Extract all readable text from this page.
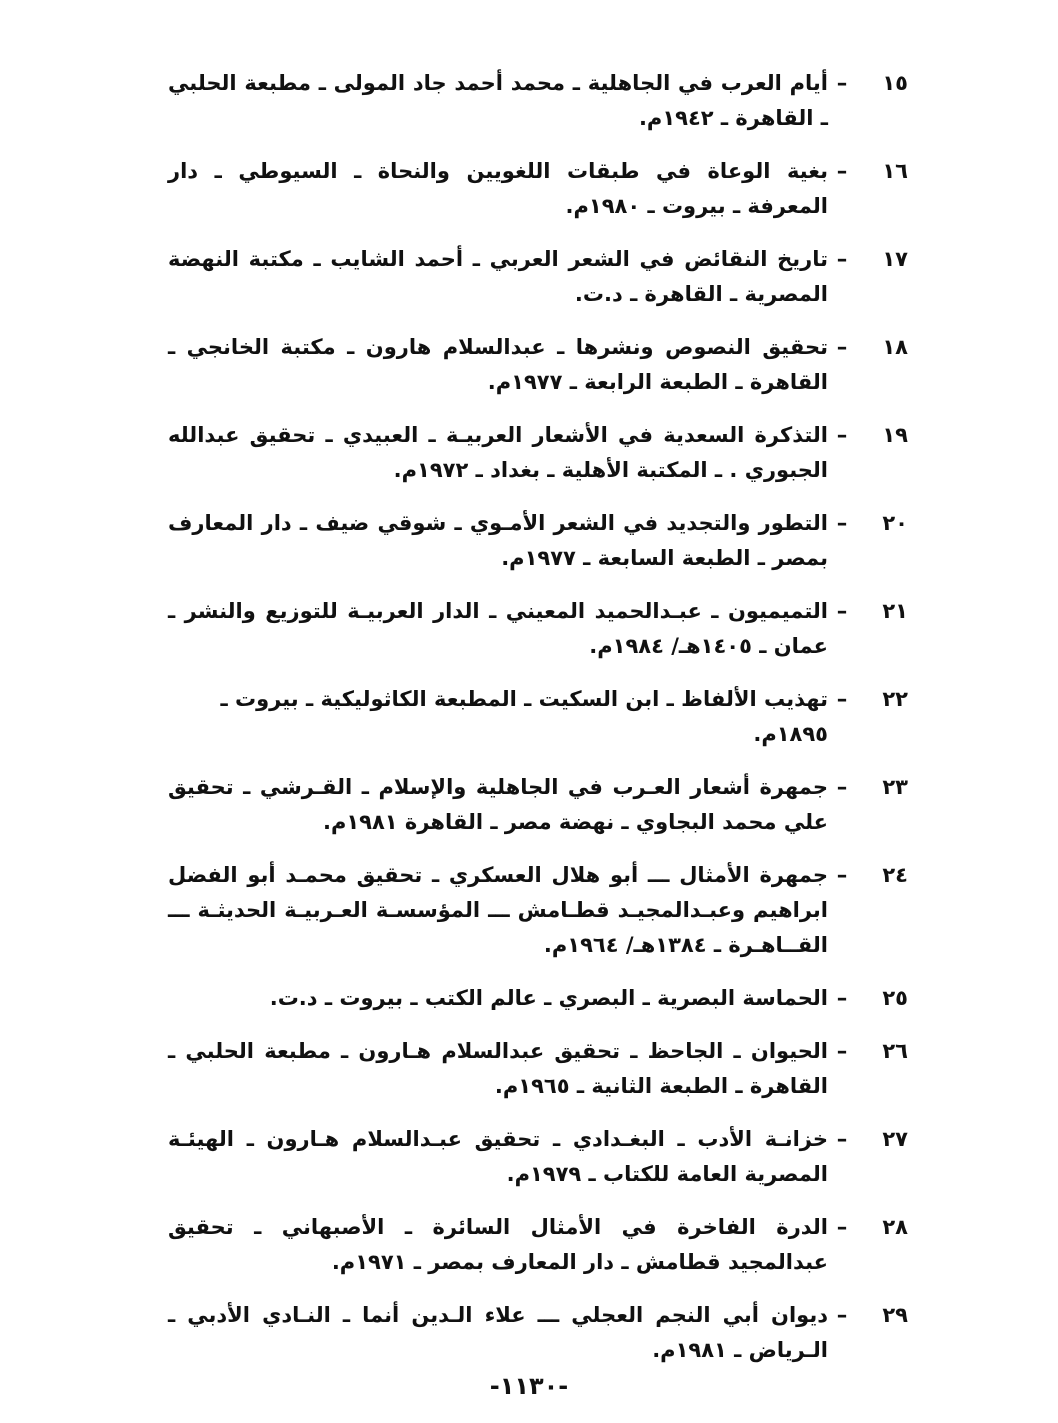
١٥
–
أيام العرب في الجاهلية ـ محمد أحمد جاد المولى ـ مطبعة الحلبي ـ القاهرة ـ ١٩٤٢م.
١٦
–
بغية الوعاة في طبقات اللغويين والنحاة ـ السيوطي ـ دار المعرفة ـ بيروت ـ ١٩٨٠م.
١٧
–
تاريخ النقائض في الشعر العربي ـ أحمد الشايب ـ مكتبة النهضة المصرية ـ القاهرة ـ د.ت.
١٨
–
تحقيق النصوص ونشرها ـ عبدالسلام هارون ـ مكتبة الخانجي ـ القاهرة ـ الطبعة الرابعة ـ ١٩٧٧م.
١٩
–
التذكرة السعدية في الأشعار العربيـة ـ العبيدي ـ تحقيق عبدالله الجبوري . ـ المكتبة الأهلية ـ بغداد ـ ١٩٧٢م.
٢٠
–
التطور والتجديد في الشعر الأمـوي ـ شوقي ضيف ـ دار المعارف بمصر ـ الطبعة السابعة ـ ١٩٧٧م.
٢١
–
التميميون ـ عبـدالحميد المعيني ـ الدار العربيـة للتوزيع والنشر ـ عمان ـ ١٤٠٥هـ/ ١٩٨٤م.
٢٢
–
تهذيب الألفاظ ـ ابن السكيت ـ المطبعة الكاثوليكية ـ بيروت ـ ١٨٩٥م.
٢٣
–
جمهرة أشعار العـرب في الجاهلية والإسلام ـ القـرشي ـ تحقيق علي محمد البجاوي ـ نهضة مصر ـ القاهرة ١٩٨١م.
٢٤
–
جمهرة الأمثال ـــ أبو هلال العسكري ـ تحقيق محمـد أبو الفضل ابراهيم وعبـدالمجيـد قطـامش ـــ المؤسسـة العـربيـة الحديثـة ـــ القــاهـرة ـ ١٣٨٤هـ/ ١٩٦٤م.
٢٥
–
الحماسة البصرية ـ البصري ـ عالم الكتب ـ بيروت ـ د.ت.
٢٦
–
الحيوان ـ الجاحظ ـ تحقيق عبدالسلام هـارون ـ مطبعة الحلبي ـ القاهرة ـ الطبعة الثانية ـ ١٩٦٥م.
٢٧
–
خزانـة الأدب ـ البغـدادي ـ تحقيق عبـدالسلام هـارون ـ الهيئـة المصرية العامة للكتاب ـ ١٩٧٩م.
٢٨
–
الدرة الفاخرة في الأمثال السائرة ـ الأصبهاني ـ تحقيق عبدالمجيد قطامش ـ دار المعارف بمصر ـ ١٩٧١م.
٢٩
–
ديوان أبي النجم العجلي ـــ علاء الـدين أنما ـ النـادي الأدبي ـ الـرياض ـ ١٩٨١م.
-١١٣٠-
